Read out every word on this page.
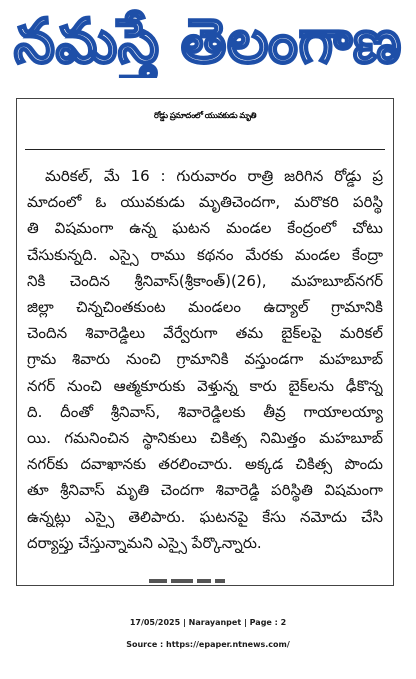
నమస్తే తెలంగాణ
రోడ్డు ప్రమాదంలో యువకుడు మృతి
మరికల్, మే 16 : గురువారం రాత్రి జరిగిన రోడ్డు ప్ర
మాదంలో ఓ యువకుడు మృతిచెందగా, మరొకరి పరిస్థి
తి విషమంగా ఉన్న ఘటన మండల కేంద్రంలో చోటు
చేసుకున్నది. ఎస్సై రాము కథనం మేరకు మండల కేంద్రా
నికి చెందిన శ్రీనివాస్(శ్రీకాంత్)(26), మహబూబ్‌నగర్
జిల్లా చిన్నచింతకుంట మండలం ఉద్యాల్ గ్రామానికి
చెందిన శివారెడ్డిలు వేర్వేరుగా తమ బైక్‌లపై మరికల్
గ్రామ శివారు నుంచి గ్రామానికి వస్తుండగా మహబూబ్
నగర్ నుంచి ఆత్మకూరుకు వెళ్తున్న కారు బైక్‌లను ఢీకొన్న
ది. దీంతో శ్రీనివాస్, శివారెడ్డిలకు తీవ్ర గాయాలయ్యా
యి. గమనించిన స్థానికులు చికిత్స నిమిత్తం మహబూబ్
నగర్‌కు దవాఖానకు తరలించారు. అక్కడ చికిత్స పొందు
తూ శ్రీనివాస్ మృతి చెందగా శివారెడ్డి పరిస్థితి విషమంగా
ఉన్నట్లు ఎస్సై తెలిపారు. ఘటనపై కేసు నమోదు చేసి
దర్యాప్తు చేస్తున్నామని ఎస్సై పేర్కొన్నారు.
17/05/2025 | Narayanpet | Page : 2
Source : https://epaper.ntnews.com/
